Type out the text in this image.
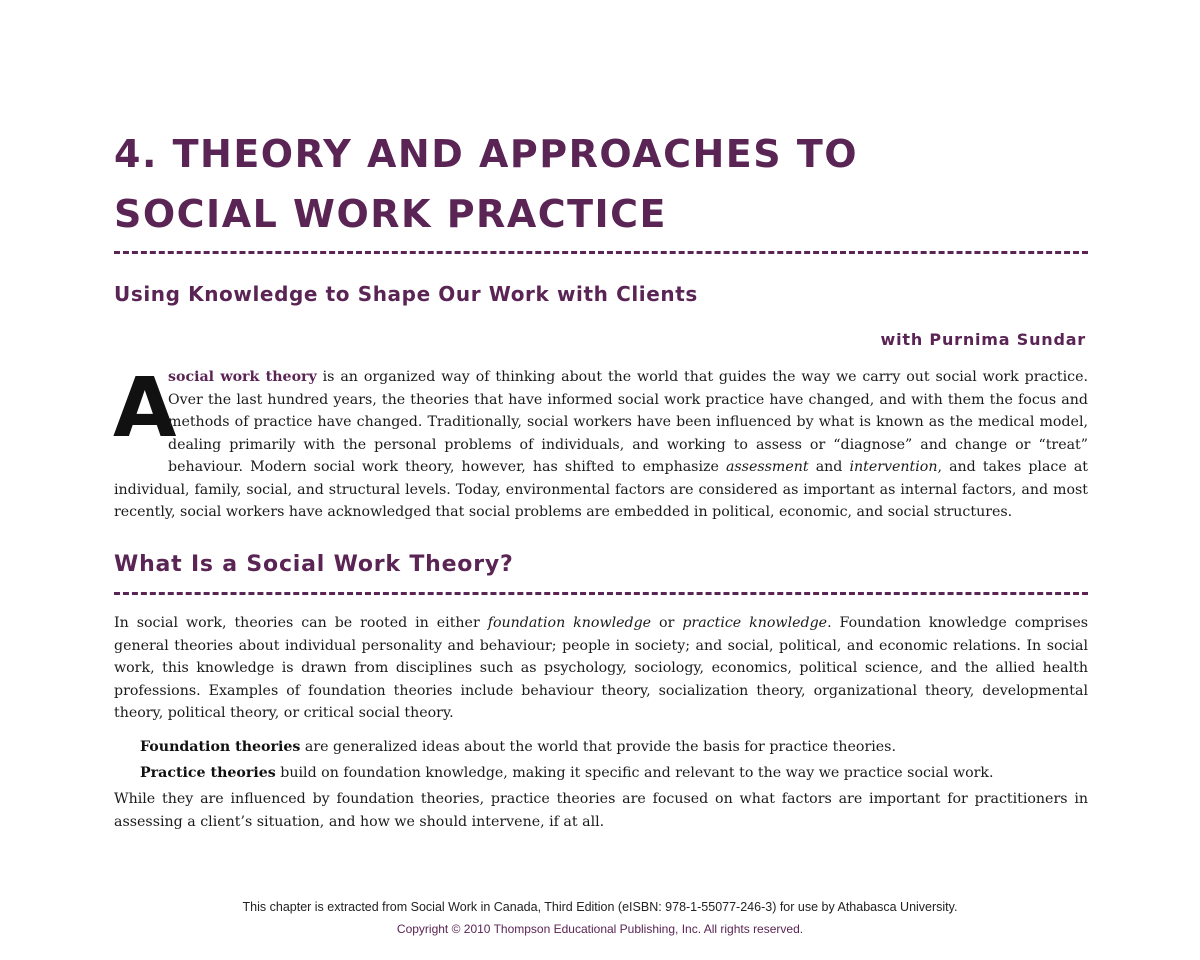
4. THEORY AND APPROACHES TO
SOCIAL WORK PRACTICE
Using Knowledge to Shape Our Work with Clients
with Purnima Sundar
A

social work theory is an organized way of thinking about the world that guides the way we carry out social work practice. Over the last hundred years, the theories that have informed social work practice have changed, and with them the focus and methods of practice have changed. Traditionally, social workers have been influenced by what is known as the medical model, dealing primarily with the personal problems of individuals, and working to assess or “diagnose” and change or “treat” behaviour. Modern social work theory, however, has shifted to emphasize assessment and intervention, and takes place at individual, family, social, and structural levels. Today, environmental factors are considered as important as internal factors, and most recently, social workers have acknowledged that social problems are embedded in political, economic, and social structures.

What Is a Social Work Theory?

In social work, theories can be rooted in either foundation knowledge or practice knowledge. Foundation knowledge comprises general theories about individual personality and behaviour; people in society; and social, political, and economic relations. In social work, this knowledge is drawn from disciplines such as psychology, sociology, economics, political science, and the allied health professions. Examples of foundation theories include behaviour theory, socialization theory, organizational theory, developmental theory, political theory, or critical social theory.

Foundation theories are generalized ideas about the world that provide the basis for practice theories.

Practice theories build on foundation knowledge, making it specific and relevant to the way we practice social work.

While they are influenced by foundation theories, practice theories are focused on what factors are important for practitioners in assessing a client’s situation, and how we should intervene, if at all.

This chapter is extracted from Social Work in Canada, Third Edition (eISBN: 978-1-55077-246-3) for use by Athabasca University.

Copyright © 2010 Thompson Educational Publishing, Inc. All rights reserved.
